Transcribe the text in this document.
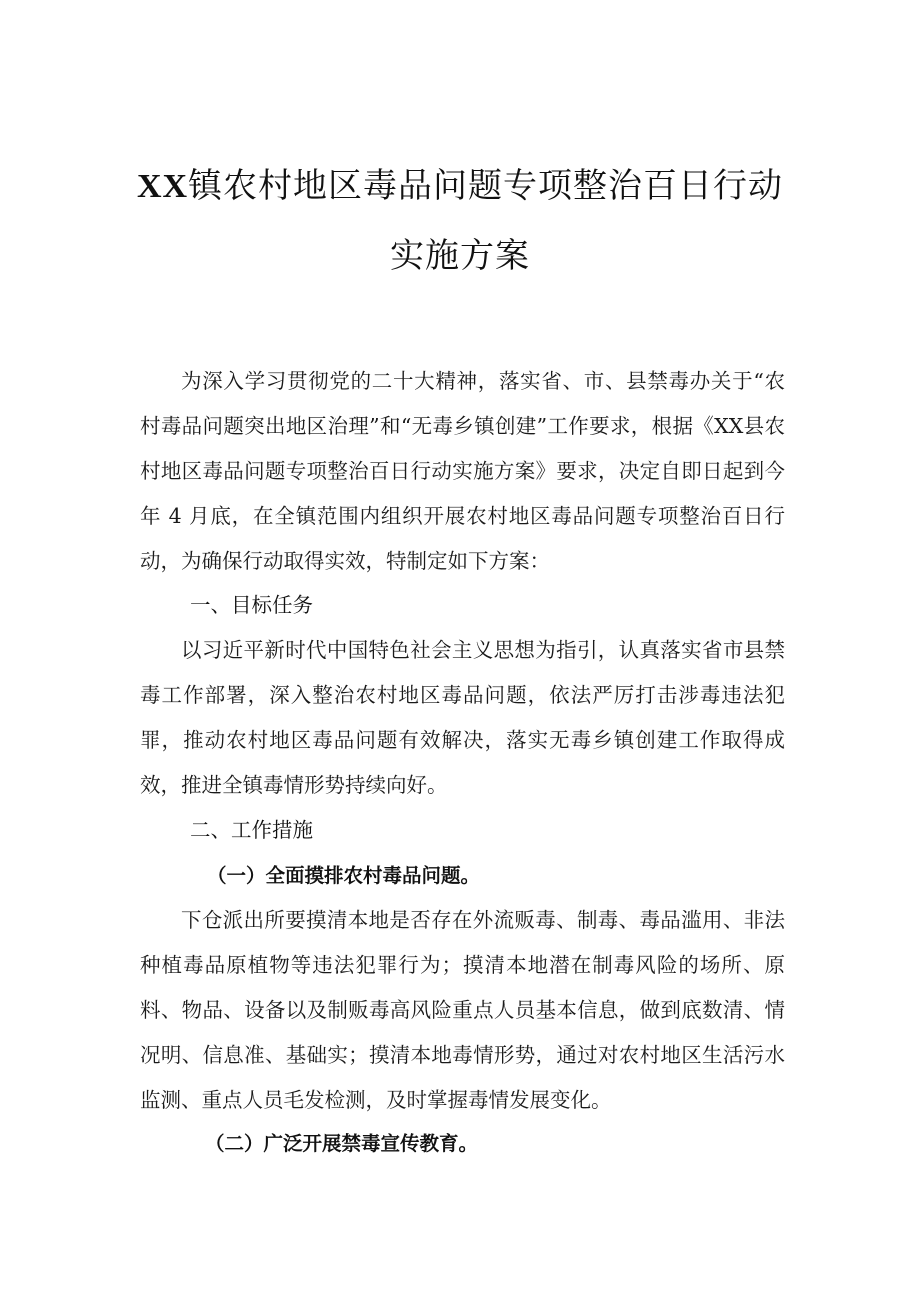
XX镇农村地区毒品问题专项整治百日行动
实施方案

为深入学习贯彻党的二十大精神，落实省、市、县禁毒办关于“农村毒品问题突出地区治理”和“无毒乡镇创建”工作要求，根据《XX县农村地区毒品问题专项整治百日行动实施方案》要求，决定自即日起到今年 4 月底，在全镇范围内组织开展农村地区毒品问题专项整治百日行动，为确保行动取得实效，特制定如下方案：

一、目标任务

以习近平新时代中国特色社会主义思想为指引，认真落实省市县禁毒工作部署，深入整治农村地区毒品问题，依法严厉打击涉毒违法犯罪，推动农村地区毒品问题有效解决，落实无毒乡镇创建工作取得成效，推进全镇毒情形势持续向好。

二、工作措施

（一）全面摸排农村毒品问题。

下仓派出所要摸清本地是否存在外流贩毒、制毒、毒品滥用、非法种植毒品原植物等违法犯罪行为；摸清本地潜在制毒风险的场所、原料、物品、设备以及制贩毒高风险重点人员基本信息，做到底数清、情况明、信息准、基础实；摸清本地毒情形势，通过对农村地区生活污水监测、重点人员毛发检测，及时掌握毒情发展变化。

（二）广泛开展禁毒宣传教育。
